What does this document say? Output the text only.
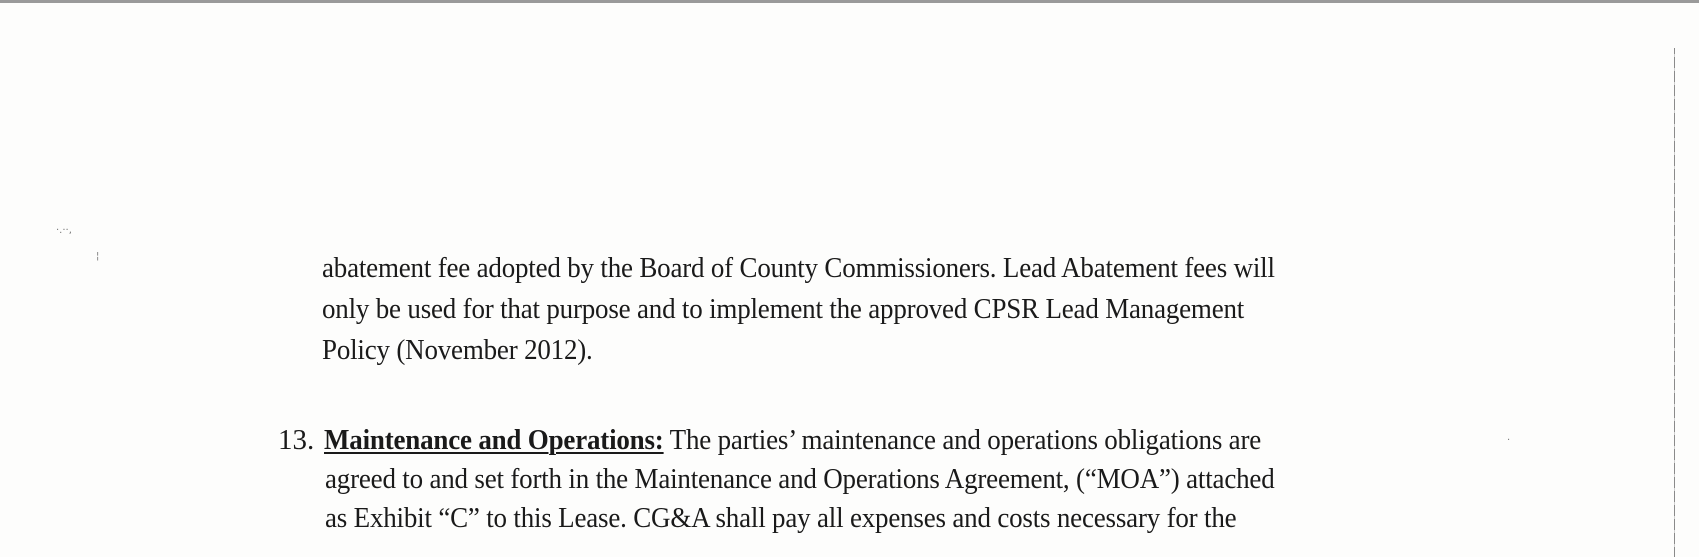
·.··,
¦
·
abatement fee adopted by the Board of County Commissioners. Lead Abatement fees will
only be used for that purpose and to implement the approved CPSR Lead Management
Policy (November 2012).
13. Maintenance and Operations: The parties’ maintenance and operations obligations are
agreed to and set forth in the Maintenance and Operations Agreement, (“MOA”) attached
as Exhibit “C” to this Lease. CG&A shall pay all expenses and costs necessary for the
